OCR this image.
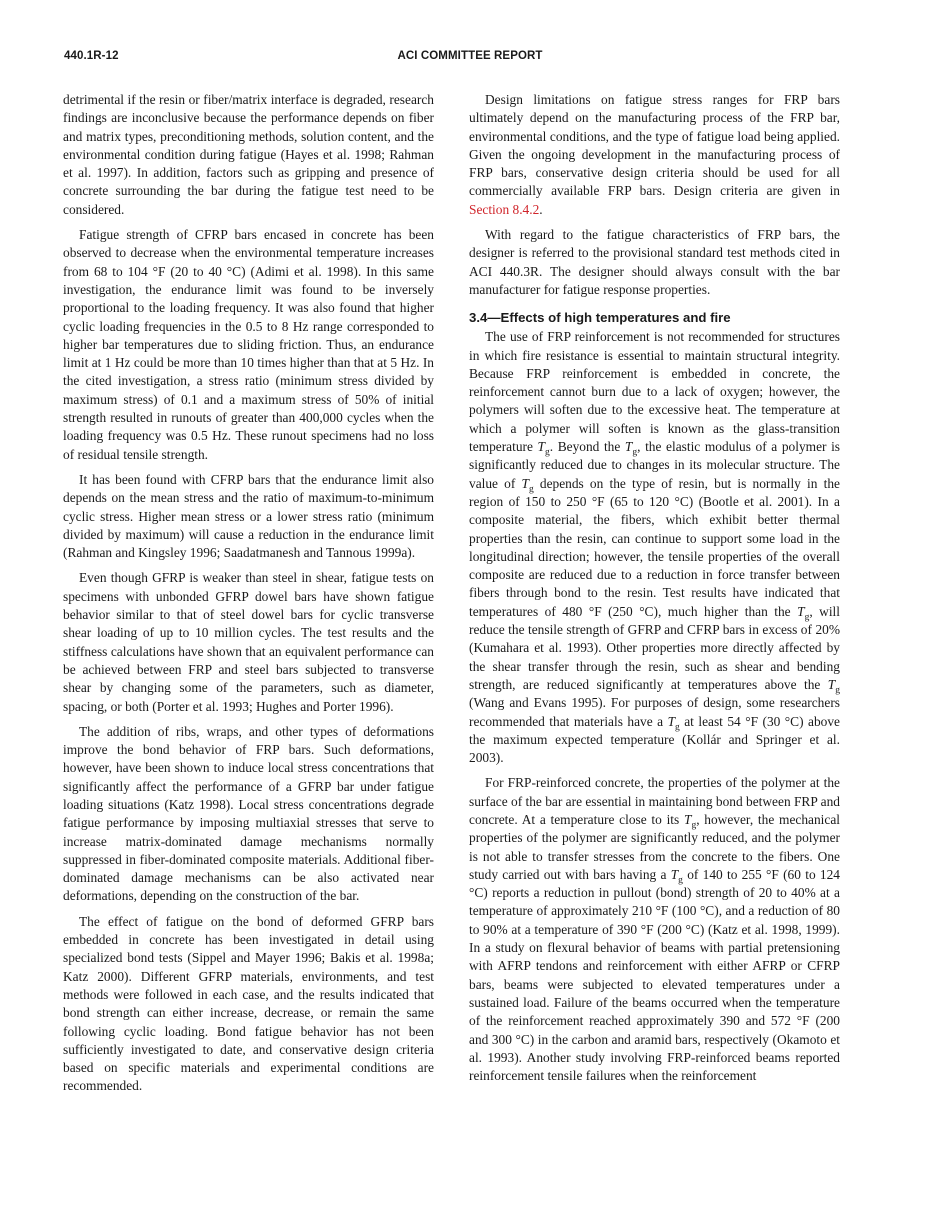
440.1R-12	ACI COMMITTEE REPORT

detrimental if the resin or fiber/matrix interface is degraded, research findings are inconclusive because the performance depends on fiber and matrix types, preconditioning methods, solution content, and the environmental condition during fatigue (Hayes et al. 1998; Rahman et al. 1997). In addition, factors such as gripping and presence of concrete surrounding the bar during the fatigue test need to be considered.

Fatigue strength of CFRP bars encased in concrete has been observed to decrease when the environmental temperature increases from 68 to 104 °F (20 to 40 °C) (Adimi et al. 1998). In this same investigation, the endurance limit was found to be inversely proportional to the loading frequency. It was also found that higher cyclic loading frequencies in the 0.5 to 8 Hz range corresponded to higher bar temperatures due to sliding friction. Thus, an endurance limit at 1 Hz could be more than 10 times higher than that at 5 Hz. In the cited investigation, a stress ratio (minimum stress divided by maximum stress) of 0.1 and a maximum stress of 50% of initial strength resulted in runouts of greater than 400,000 cycles when the loading frequency was 0.5 Hz. These runout specimens had no loss of residual tensile strength.

It has been found with CFRP bars that the endurance limit also depends on the mean stress and the ratio of maximum-to-minimum cyclic stress. Higher mean stress or a lower stress ratio (minimum divided by maximum) will cause a reduction in the endurance limit (Rahman and Kingsley 1996; Saadatmanesh and Tannous 1999a).

Even though GFRP is weaker than steel in shear, fatigue tests on specimens with unbonded GFRP dowel bars have shown fatigue behavior similar to that of steel dowel bars for cyclic transverse shear loading of up to 10 million cycles. The test results and the stiffness calculations have shown that an equivalent performance can be achieved between FRP and steel bars subjected to transverse shear by changing some of the parameters, such as diameter, spacing, or both (Porter et al. 1993; Hughes and Porter 1996).

The addition of ribs, wraps, and other types of deformations improve the bond behavior of FRP bars. Such deformations, however, have been shown to induce local stress concentrations that significantly affect the performance of a GFRP bar under fatigue loading situations (Katz 1998). Local stress concentrations degrade fatigue performance by imposing multiaxial stresses that serve to increase matrix-dominated damage mechanisms normally suppressed in fiber-dominated composite materials. Additional fiber-dominated damage mechanisms can be also activated near deformations, depending on the construction of the bar.

The effect of fatigue on the bond of deformed GFRP bars embedded in concrete has been investigated in detail using specialized bond tests (Sippel and Mayer 1996; Bakis et al. 1998a; Katz 2000). Different GFRP materials, environments, and test methods were followed in each case, and the results indicated that bond strength can either increase, decrease, or remain the same following cyclic loading. Bond fatigue behavior has not been sufficiently investigated to date, and conservative design criteria based on specific materials and experimental conditions are recommended.

Design limitations on fatigue stress ranges for FRP bars ultimately depend on the manufacturing process of the FRP bar, environmental conditions, and the type of fatigue load being applied. Given the ongoing development in the manufacturing process of FRP bars, conservative design criteria should be used for all commercially available FRP bars. Design criteria are given in Section 8.4.2.

With regard to the fatigue characteristics of FRP bars, the designer is referred to the provisional standard test methods cited in ACI 440.3R. The designer should always consult with the bar manufacturer for fatigue response properties.

3.4—Effects of high temperatures and fire

The use of FRP reinforcement is not recommended for structures in which fire resistance is essential to maintain structural integrity. Because FRP reinforcement is embedded in concrete, the reinforcement cannot burn due to a lack of oxygen; however, the polymers will soften due to the excessive heat. The temperature at which a polymer will soften is known as the glass-transition temperature $T_g$. Beyond the $T_g$, the elastic modulus of a polymer is significantly reduced due to changes in its molecular structure. The value of $T_g$ depends on the type of resin, but is normally in the region of 150 to 250 °F (65 to 120 °C) (Bootle et al. 2001). In a composite material, the fibers, which exhibit better thermal properties than the resin, can continue to support some load in the longitudinal direction; however, the tensile properties of the overall composite are reduced due to a reduction in force transfer between fibers through bond to the resin. Test results have indicated that temperatures of 480 °F (250 °C), much higher than the $T_g$, will reduce the tensile strength of GFRP and CFRP bars in excess of 20% (Kumahara et al. 1993). Other properties more directly affected by the shear transfer through the resin, such as shear and bending strength, are reduced significantly at temperatures above the $T_g$ (Wang and Evans 1995). For purposes of design, some researchers recommended that materials have a $T_g$ at least 54 °F (30 °C) above the maximum expected temperature (Kollár and Springer et al. 2003).

For FRP-reinforced concrete, the properties of the polymer at the surface of the bar are essential in maintaining bond between FRP and concrete. At a temperature close to its $T_g$, however, the mechanical properties of the polymer are significantly reduced, and the polymer is not able to transfer stresses from the concrete to the fibers. One study carried out with bars having a $T_g$ of 140 to 255 °F (60 to 124 °C) reports a reduction in pullout (bond) strength of 20 to 40% at a temperature of approximately 210 °F (100 °C), and a reduction of 80 to 90% at a temperature of 390 °F (200 °C) (Katz et al. 1998, 1999). In a study on flexural behavior of beams with partial pretensioning with AFRP tendons and reinforcement with either AFRP or CFRP bars, beams were subjected to elevated temperatures under a sustained load. Failure of the beams occurred when the temperature of the reinforcement reached approximately 390 and 572 °F (200 and 300 °C) in the carbon and aramid bars, respectively (Okamoto et al. 1993). Another study involving FRP-reinforced beams reported reinforcement tensile failures when the reinforcement
